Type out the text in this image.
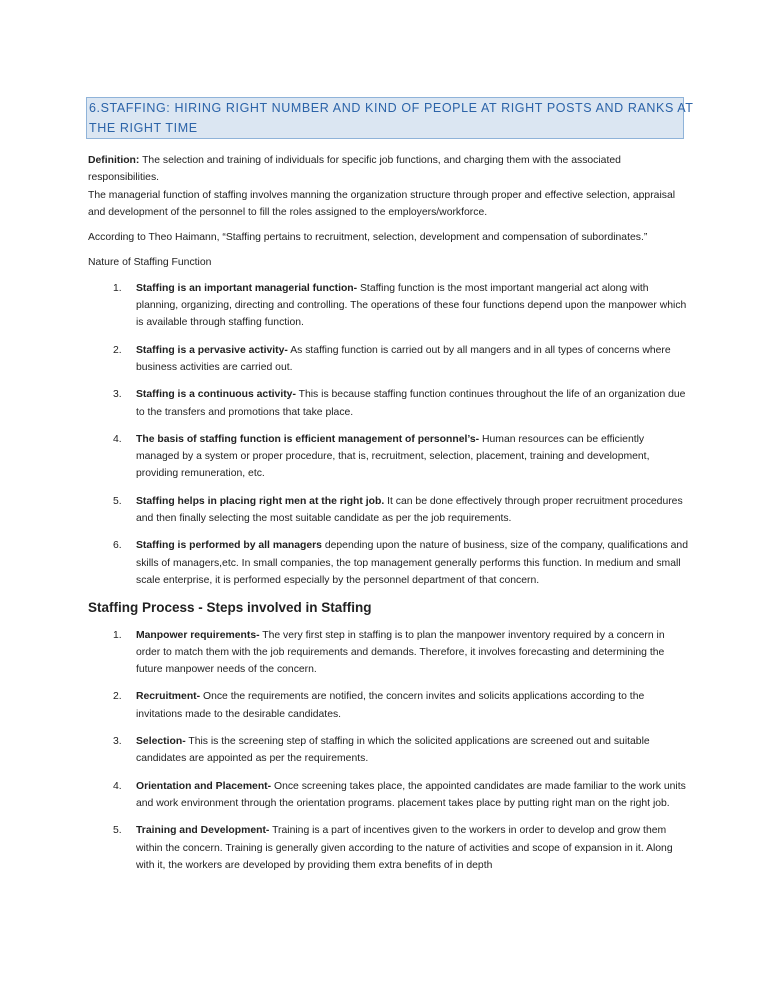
6.STAFFING: HIRING RIGHT NUMBER AND KIND OF PEOPLE AT RIGHT POSTS AND RANKS AT
THE RIGHT TIME

Definition: The selection and training of individuals for specific job functions, and charging them with the associated responsibilities.
The managerial function of staffing involves manning the organization structure through proper and effective selection, appraisal and development of the personnel to fill the roles assigned to the employers/workforce.

According to Theo Haimann, “Staffing pertains to recruitment, selection, development and compensation of subordinates.”

Nature of Staffing Function

1. Staffing is an important managerial function- Staffing function is the most important mangerial act along with planning, organizing, directing and controlling. The operations of these four functions depend upon the manpower which is available through staffing function.
2. Staffing is a pervasive activity- As staffing function is carried out by all mangers and in all types of concerns where business activities are carried out.
3. Staffing is a continuous activity- This is because staffing function continues throughout the life of an organization due to the transfers and promotions that take place.
4. The basis of staffing function is efficient management of personnel’s- Human resources can be efficiently managed by a system or proper procedure, that is, recruitment, selection, placement, training and development, providing remuneration, etc.
5. Staffing helps in placing right men at the right job. It can be done effectively through proper recruitment procedures and then finally selecting the most suitable candidate as per the job requirements.
6. Staffing is performed by all managers depending upon the nature of business, size of the company, qualifications and skills of managers,etc. In small companies, the top management generally performs this function. In medium and small scale enterprise, it is performed especially by the personnel department of that concern.
Staffing Process - Steps involved in Staffing
1. Manpower requirements- The very first step in staffing is to plan the manpower inventory required by a concern in order to match them with the job requirements and demands. Therefore, it involves forecasting and determining the future manpower needs of the concern.
2. Recruitment- Once the requirements are notified, the concern invites and solicits applications according to the invitations made to the desirable candidates.
3. Selection- This is the screening step of staffing in which the solicited applications are screened out and suitable candidates are appointed as per the requirements.
4. Orientation and Placement- Once screening takes place, the appointed candidates are made familiar to the work units and work environment through the orientation programs. placement takes place by putting right man on the right job.
5. Training and Development- Training is a part of incentives given to the workers in order to develop and grow them within the concern. Training is generally given according to the nature of activities and scope of expansion in it. Along with it, the workers are developed by providing them extra benefits of in depth
